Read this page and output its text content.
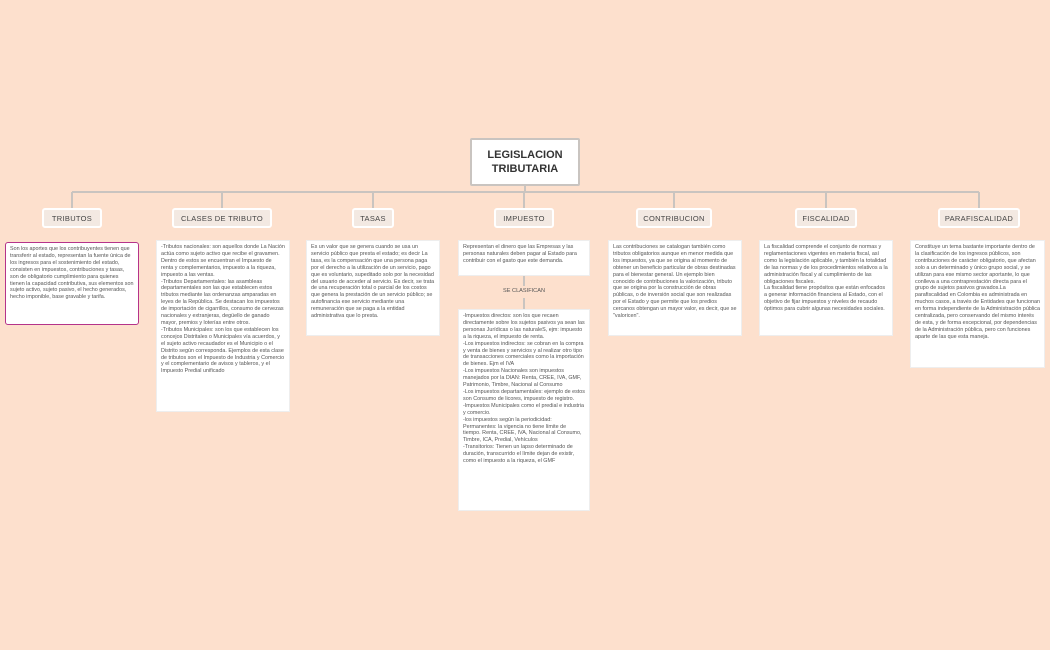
LEGISLACION TRIBUTARIA
TRIBUTOS
Son los aportes que los contribuyentes tienen que transferir al estado, representan la fuente única de los ingresos para el sostenimiento del estado, consisten en impuestos, contribuciones y tasas, son de obligatorio cumplimiento para quienes tienen la capacidad contributiva, sus elementos son sujeto activo, sujeto pasivo, el hecho generados, hecho imponible, base gravable y tarifa.
CLASES DE TRIBUTO
-Tributos nacionales: son aquellos donde La Nación actúa como sujeto activo que recibe el gravamen. Dentro de estos se encuentran el Impuesto de renta y complementarios, impuesto a la riqueza, impuesto a las ventas.
-Tributos Departamentales: las asambleas departamentales son las que establecen estos tributos mediante las ordenanzas amparadas en leyes de la República. Se destacan los impuestos de importación de cigarrillos, consumo de cervezas nacionales y extranjeras, degüello de ganado mayor, premios y loterías entre otros.
-Tributos Municipales: son los que establecen los concejos Distritales o Municipales vía acuerdos, y el sujeto activo recaudador es el Municipio o el Distrito según corresponda. Ejemplos de esta clase de tributos son el Impuesto de Industria y Comercio y el complementario de avisos y tableros, y el Impuesto Predial unificado
TASAS
Es un valor que se genera cuando se usa un servicio público que presta el estado; es decir La tasa, es la compensación que una persona paga por el derecho a la utilización de un servicio, pago que es voluntario, supeditado solo por la necesidad del usuario de acceder al servicio. Es decir, se trata de una recuperación total o parcial de los costos que genera la prestación de un servicio público; se autofinancia ese servicio mediante una remuneración que se paga a la entidad administrativa que lo presta.
IMPUESTO
Representan el dinero que las Empresas y las personas naturales deben pagar al Estado para contribuir con el gasto que este demanda.
SE CLASIFICAN
-Impuestos directos: son los que recaen directamente sobre los sujetos pasivos ya sean las personas Jurídicas o las naturaleS, ejm: impuesto a la riqueza, el impuesto de renta.
-Los impuestos indirectos: se cobran en la compra y venta de bienes y servicios y al realizar otro tipo de transacciones comerciales como la importación de bienes. Ejm el IVA
-Los impuestos Nacionales son impuestos manejados por la DIAN: Renta, CREE, IVA, GMF, Patrimonio, Timbre, Nacional al Consumo
-Los impuestos departamentales: ejemplo de estos son Consumo de licores, impuesto de registro.
-Impuestos Municipales como el predial e industria y comercio.
-los impuestos según la periodicidad: Permanentes: la vigencia no tiene límite de tiempo. Renta, CREE, IVA, Nacional al Consumo, Timbre, ICA, Predial, Vehículos
-Transitorios: Tienen un lapso determinado de duración, transcurrido el límite dejan de existir, como el impuesto a la riqueza, el GMF
CONTRIBUCION
Las contribuciones se catalogan también como tributos obligatorios aunque en menor medida que los impuestos, ya que se origina al momento de obtener un beneficio particular de obras destinadas para el bienestar general. Un ejemplo bien conocido de contribuciones la valorización, tributo que se origina por la construcción de obras públicas, o de inversión social que son realizadas por el Estado y que permite que los predios cercanos obtengan un mayor valor, es decir, que se "valoricen".
FISCALIDAD
La fiscalidad comprende el conjunto de normas y reglamentaciones vigentes en materia fiscal, así como la legislación aplicable, y también la totalidad de las normas y de los procedimientos relativos a la administración fiscal y al cumplimiento de las obligaciones fiscales.
La fiscalidad tiene propósitos que están enfocados a generar información financiera al Estado, con el objetivo de fijar impuestos y niveles de recaudo óptimos para cubrir algunas necesidades sociales.
PARAFISCALIDAD
Constituye un tema bastante importante dentro de la clasificación de los ingresos públicos, son contribuciones de carácter obligatorio, que afectan solo a un determinado y único grupo social, y se utilizan para ese mismo sector aportante, lo que conlleva a una contraprestación directa para el grupo de sujetos pasivos gravados.La parafiscalidad en Colombia es administrada en muchos casos, a través de Entidades que funcionan en forma independiente de la Administración pública centralizada, pero conservando del mismo interés de esta, y de forma excepcional, por dependencias de la Administración pública, pero con funciones aparte de las que esta maneja.
